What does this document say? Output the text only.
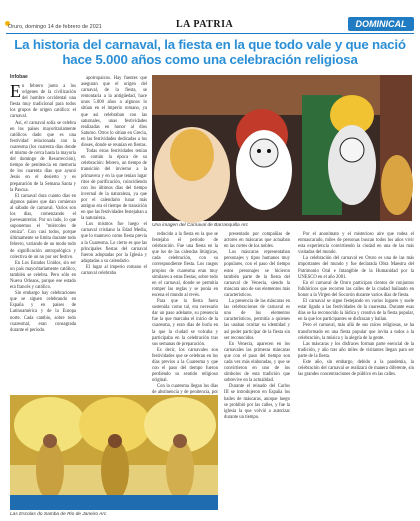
Oruro, domingo 14 de febrero de 2021	LA PATRIA	DOMINICAL
La historia del carnaval, la fiesta en la que todo vale y que nació hace 5.000 años como una celebración religiosa
Infobae

En febrero junto a los orígenes de la civilización del hombre occidental una fiesta muy tradicional para todos los grupos de origen católico: el carnaval.

Así, el carnaval solía se celebra en los países mayoritariamente católicos dado que es una festividad relacionada con la cuaresma (los cuarenta días donde el mismo de cerca hasta la mayoría del domingo de Resurrección), tiempo de penitencia en memoria de los cuarenta días que ayunó Jesús en el desierto y es preparación de la Semana Santa y la Pascua.

El carnaval dura cuanto días en algunos países que dan comienzo al sábado de carnaval. Varios son los días, comenzando el juevesanterior. Por un lado, lo que suponemos el "miércoles de ceniza". Con casi todos, porque últimamente se limita durante todo febrero, variando de un modo todo de significación antropológica y colectiva de un no por ser festivo.

En Los Estados Unidos, sin ser un país mayoritariamente católico, también se celebra. Pero sólo en Nueva Orleans, porque ese estado era francés y católico.

Sin embargo hay celebraciones que se siguen celebrando en España y en países de Latinoamérica y de la Europa norte. Cada cambio, sobre todo cuaresmal, eran consagrada durante el período.

apotropaicos. Hay fuentes que aseguran que el origen del carnaval, de la fiesta, se remontaría a la antigüedad, hace unos 5.000 años a algunos lo sitúan en el imperio romano, ya que así celebraban con las saturnales, unas festividades realizadas en honor al dios Saturno. Otros lo sitúan en Grecia, en las festividades dedicadas a los dioses, donde se reunían en fiestas.

Todas estas festividades tenían en común la época de su celebración: febrero, un tiempo de transición del invierno a la primavera y en la que tenían lugar ritos de purificación, coincidiendo con los últimos días del tiempo invernal de la naturaleza, ya que por el calendario lunar más antiguo era el tiempo de transición en que las festividades festejaban a la naturaleza.

Los mismos fue luego el carnaval cristiano la Edad Media, que lo mantuvo como fiesta previa a la Cuaresma. Lo cierto es que las principales fiestas del carnaval fueron adoptadas por la Iglesia y adaptadas a su calendario.

El lugar al imperio romano el carnaval celebraba

Una imagen del Carnaval de Barranquilla Arc

reducido a la fiesta en la que se festejaba el período de celebración. Fue una fiesta en la que los de las calendas litúrgicas, cada celebración, con su correspondiente fiesta. Los rasgos propios de cuaresma eran muy similares a estas fiestas, sobre todo en el carnaval, donde se permitía romper las reglas y se ponía en escena el mundo al revés.

Para que la fiesta fuera sostenida como tal, era necesario dar un paso adelante, su presencia fue la que marcaba el inicio de la cuaresma, y eran días de burla en la que la ciudad se volcaba y participaba en la celebración tras sus semanas de preparación.

Es decir, los carnavales son festividades que se celebran en los días previos a la Cuaresma y que con el paso del tiempo fueron perdiendo su sentido religioso original.

Con la cuaresma llegan los días de abstinencia y de penitencia, por

presentado por compañías de actores en máscaras que actuaban en las cortes de los nobles.

Los máscaras representaban personajes y tipos humanos muy populares, con el paso del tiempo estos personajes se hicieron también parte de la fiesta del carnaval de Venecia, siendo la máscara uno de sus elementos más característicos.

La presencia de las máscaras en las celebraciones de carnaval es uno de los elementos característicos, permitía a quienes las usaban ocultar su identidad y así poder participar de la fiesta sin ser reconocidos.

En Venecia, aparecen en los carnavales las primeras máscaras que con el paso del tiempo son cada vez más elaboradas, y que se convirtieron en uno de los símbolos de esta tradición que sobrevive en la actualidad.

Durante el reinado del Carlos III se introdujeron en España los bailes de máscaras, aunque luego se prohibió por las calles, y fue la iglesia la que volvió a autorizar durante un tiempo.

Por el anonimato y el misterioso aire que rodea el enmascarado, miles de personas buscan todos los años vivir esta experiencia convirtiendo la ciudad en una de las más visitadas del mundo.

La celebración del carnaval en Oruro es una de las más importantes del mundo y fue declarada Obra Maestra del Patrimonio Oral e Intangible de la Humanidad por la UNESCO en el año 2001.

En el carnaval de Oruro participan cientos de conjuntos folklóricos que recorren las calles de la ciudad bailando en honor a la Virgen del Socavón durante varios días de fiesta.

El carnaval se sigue festejando en varios lugares y suele estar ligado a las festividades de la cuaresma. Durante esas días se ha reconocido la lúdica y creativa de la fiesta popular, en la que los participantes se disfrazan y bailan.

Pero el carnaval, más allá de sus raíces religiosas, se ha transformado en una fiesta popular que invita a todos a la celebración, la música y la alegría de la gente.

Las máscaras y los disfraces forman parte esencial de la tradición, y año tras año miles de visitantes llegan para ser parte de la fiesta.

Este año, sin embargo, debido a la pandemia, la celebración del carnaval se realizará de manera diferente, sin las grandes concentraciones de público en las calles.

Las Escolas do Samba de Rio de Janeiro Arc
